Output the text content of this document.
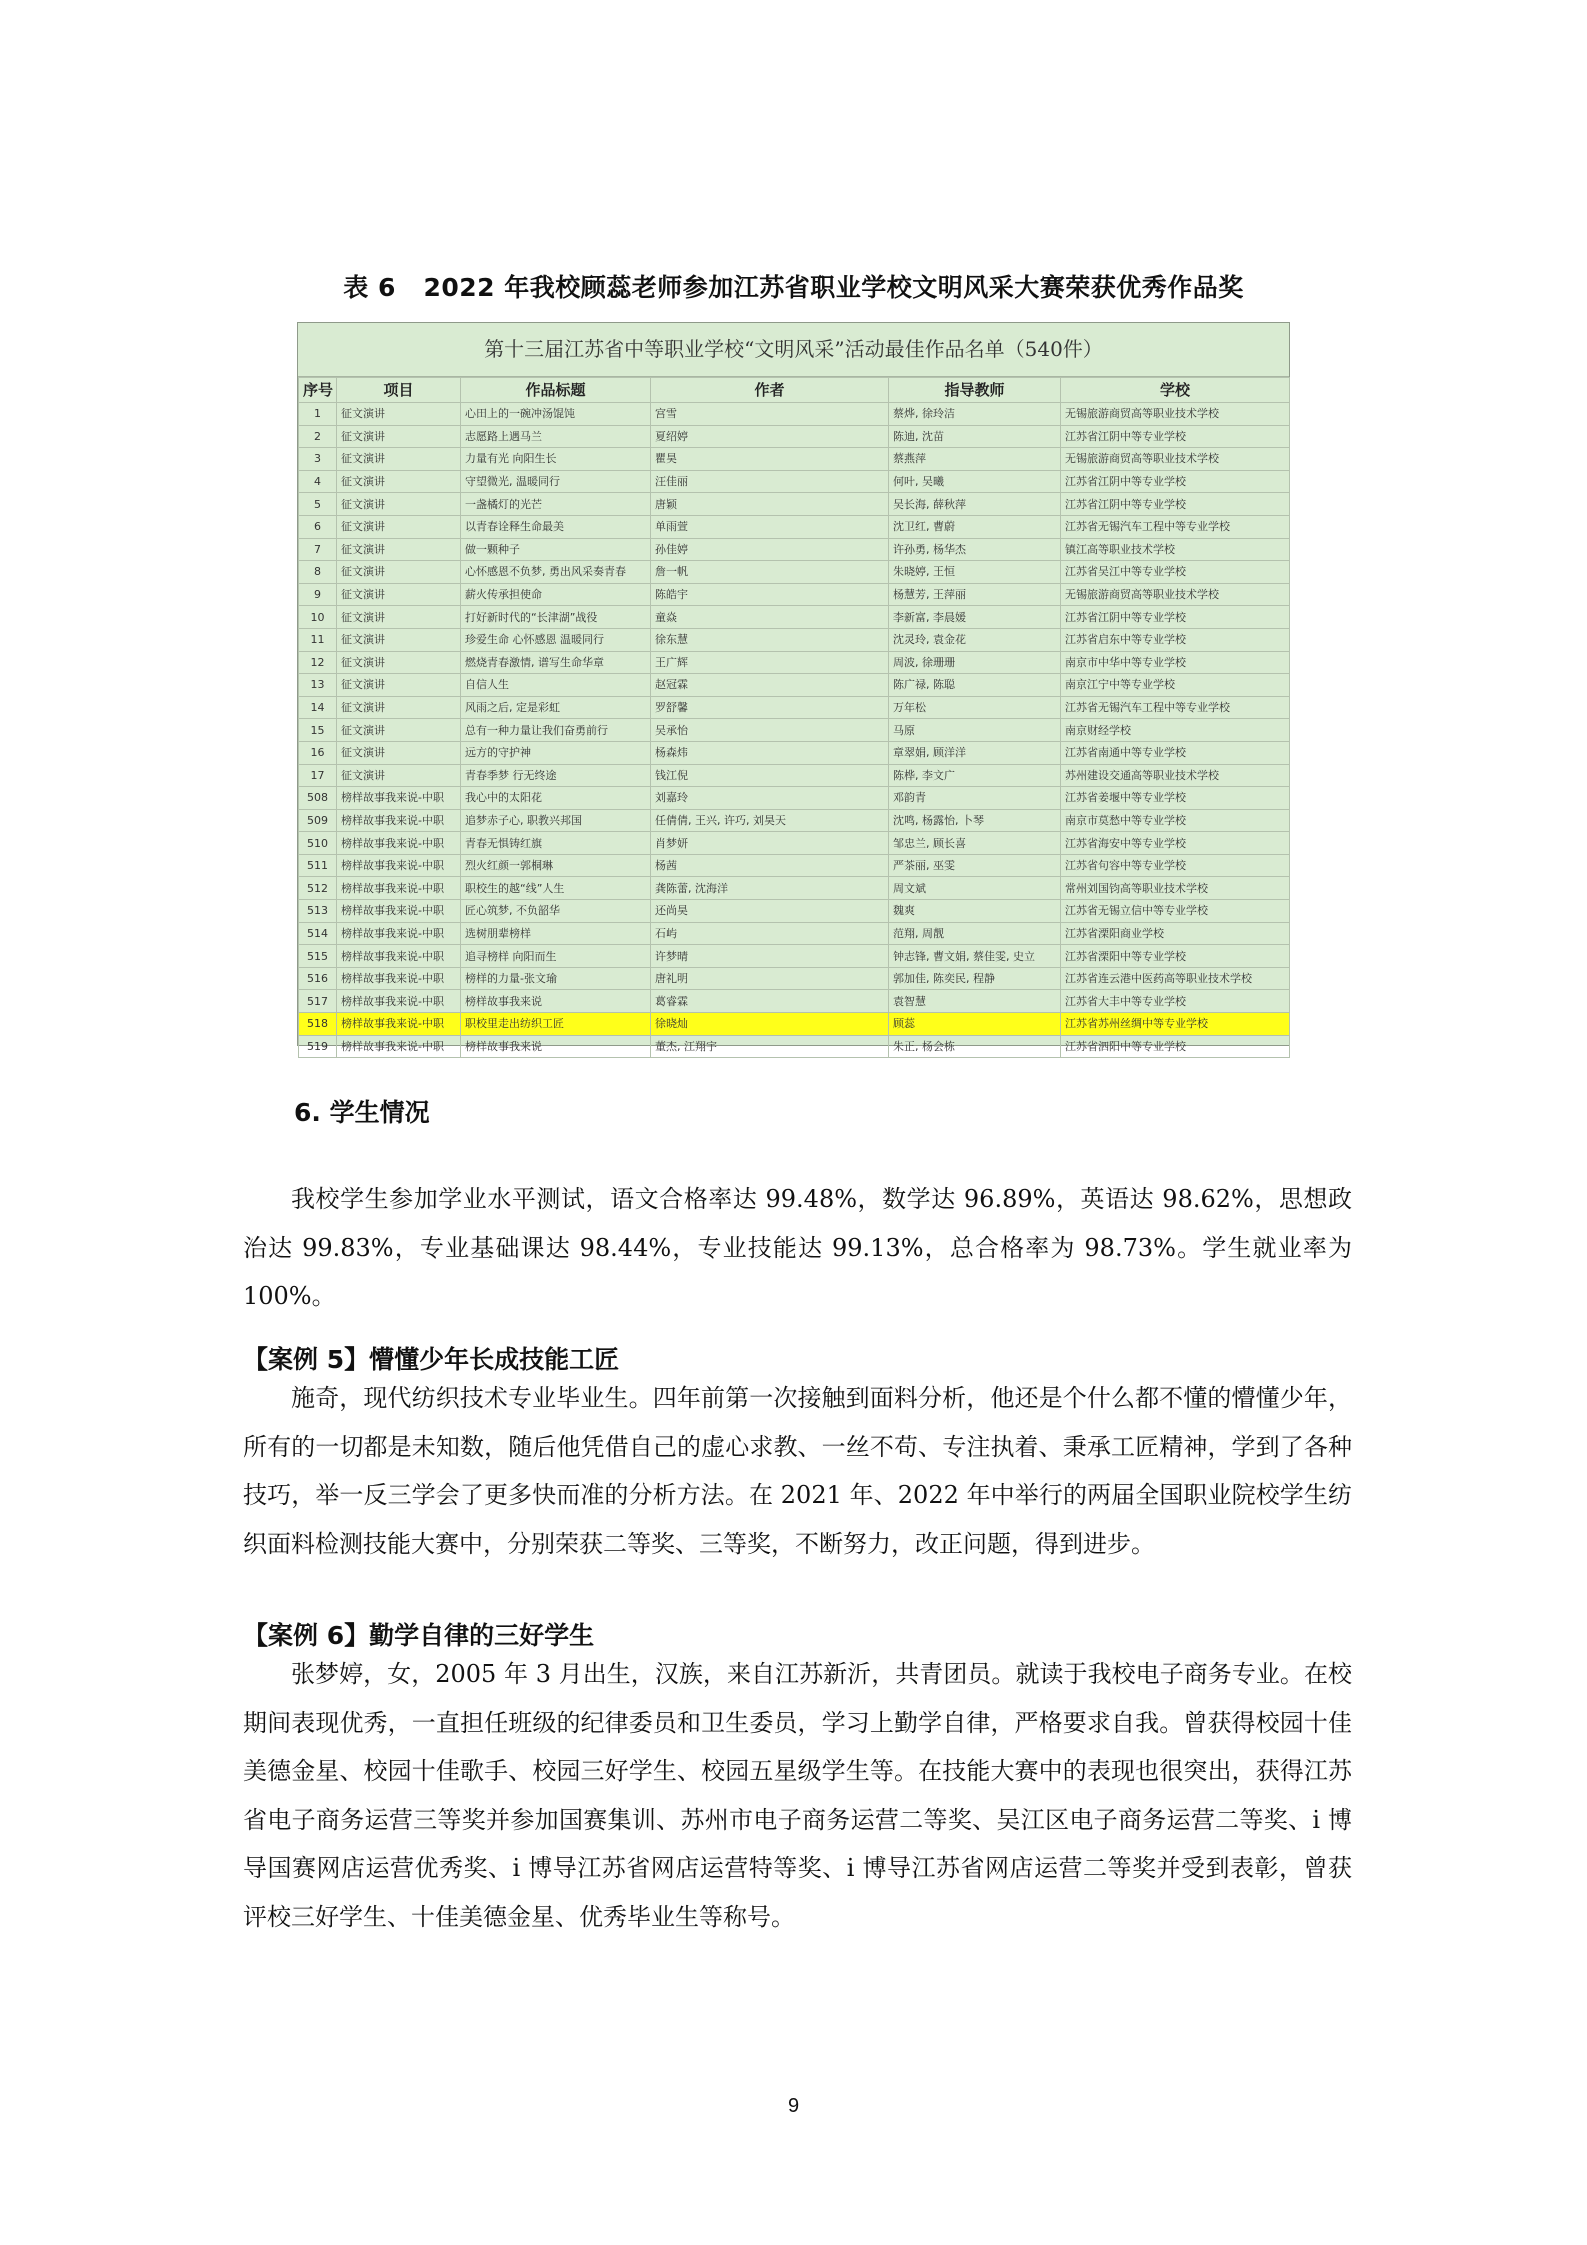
表 6   2022 年我校顾蕊老师参加江苏省职业学校文明风采大赛荣获优秀作品奖
第十三届江苏省中等职业学校“文明风采”活动最佳作品名单（540件）
序号	项目	作品标题	作者	指导教师	学校
1	征文演讲	心田上的一碗冲汤馄饨	宫雪	蔡烨, 徐玲洁	无锡旅游商贸高等职业技术学校
2	征文演讲	志愿路上遇马兰	夏绍婷	陈迪, 沈苗	江苏省江阴中等专业学校
3	征文演讲	力量有光 向阳生长	瞿昊	蔡燕萍	无锡旅游商贸高等职业技术学校
4	征文演讲	守望微光, 温暖同行	汪佳丽	何叶, 吴曦	江苏省江阴中等专业学校
5	征文演讲	一盏橘灯的光芒	唐颖	吴长海, 薛秋萍	江苏省江阴中等专业学校
6	征文演讲	以青春诠释生命最美	单雨萱	沈卫红, 曹蔚	江苏省无锡汽车工程中等专业学校
7	征文演讲	做一颗种子	孙佳婷	许孙勇, 杨华杰	镇江高等职业技术学校
8	征文演讲	心怀感恩不负梦, 勇出风采奏青春	詹一帆	朱晓婷, 王恒	江苏省吴江中等专业学校
9	征文演讲	薪火传承担使命	陈皓宇	杨慧芳, 王萍丽	无锡旅游商贸高等职业技术学校
10	征文演讲	打好新时代的“长津湖”战役	童焱	李新富, 李晨媛	江苏省江阴中等专业学校
11	征文演讲	珍爱生命 心怀感恩 温暖同行	徐东慧	沈灵玲, 袁金花	江苏省启东中等专业学校
12	征文演讲	燃烧青春激情, 谱写生命华章	王广辉	周波, 徐珊珊	南京市中华中等专业学校
13	征文演讲	自信人生	赵冠霖	陈广禄, 陈聪	南京江宁中等专业学校
14	征文演讲	风雨之后, 定是彩虹	罗舒馨	万年松	江苏省无锡汽车工程中等专业学校
15	征文演讲	总有一种力量让我们奋勇前行	吴承怡	马原	南京财经学校
16	征文演讲	远方的守护神	杨森炜	章翠娟, 顾洋洋	江苏省南通中等专业学校
17	征文演讲	青春季梦 行无终途	钱江倪	陈桦, 李文广	苏州建设交通高等职业技术学校
508	榜样故事我来说-中职	我心中的太阳花	刘嘉玲	邓韵青	江苏省姜堰中等专业学校
509	榜样故事我来说-中职	追梦赤子心, 职教兴邦国	任倩倩, 王兴, 许巧, 刘昊天	沈鸣, 杨露怡, 卜琴	南京市莫愁中等专业学校
510	榜样故事我来说-中职	青春无惧铸红旗	肖梦妍	邹忠兰, 顾长喜	江苏省海安中等专业学校
511	榜样故事我来说-中职	烈火红颜一郭桐琳	杨茜	严茶丽, 巫雯	江苏省句容中等专业学校
512	榜样故事我来说-中职	职校生的越“线”人生	龚陈蕾, 沈海洋	周文斌	常州刘国钧高等职业技术学校
513	榜样故事我来说-中职	匠心筑梦, 不负韶华	还尚昊	魏爽	江苏省无锡立信中等专业学校
514	榜样故事我来说-中职	选树朋辈榜样	石屿	范翔, 周靓	江苏省溧阳商业学校
515	榜样故事我来说-中职	追寻榜样 向阳而生	许梦晴	钟志锋, 曹文娟, 蔡佳雯, 史立	江苏省溧阳中等专业学校
516	榜样故事我来说-中职	榜样的力量-张文瑜	唐礼明	郭加佳, 陈奕民, 程静	江苏省连云港中医药高等职业技术学校
517	榜样故事我来说-中职	榜样故事我来说	葛睿霖	袁智慧	江苏省大丰中等专业学校
518	榜样故事我来说-中职	职校里走出纺织工匠	徐晓灿	顾蕊	江苏省苏州丝绸中等专业学校
519	榜样故事我来说-中职	榜样故事我来说	董杰, 江翔宇	朱正, 杨会栋	江苏省泗阳中等专业学校
6. 学生情况

我校学生参加学业水平测试，语文合格率达 99.48%，数学达 96.89%，英语达 98.62%，思想政治达 99.83%，专业基础课达 98.44%，专业技能达 99.13%，总合格率为 98.73%。学生就业率为 100%。

【案例 5】懵懂少年长成技能工匠

施奇，现代纺织技术专业毕业生。四年前第一次接触到面料分析，他还是个什么都不懂的懵懂少年，所有的一切都是未知数，随后他凭借自己的虚心求教、一丝不苟、专注执着、秉承工匠精神，学到了各种技巧，举一反三学会了更多快而准的分析方法。在 2021 年、2022 年中举行的两届全国职业院校学生纺织面料检测技能大赛中，分别荣获二等奖、三等奖，不断努力，改正问题，得到进步。

【案例 6】勤学自律的三好学生

张梦婷，女，2005 年 3 月出生，汉族，来自江苏新沂，共青团员。就读于我校电子商务专业。在校期间表现优秀，一直担任班级的纪律委员和卫生委员，学习上勤学自律，严格要求自我。曾获得校园十佳美德金星、校园十佳歌手、校园三好学生、校园五星级学生等。在技能大赛中的表现也很突出，获得江苏省电子商务运营三等奖并参加国赛集训、苏州市电子商务运营二等奖、吴江区电子商务运营二等奖、i 博导国赛网店运营优秀奖、i 博导江苏省网店运营特等奖、i 博导江苏省网店运营二等奖并受到表彰，曾获评校三好学生、十佳美德金星、优秀毕业生等称号。

9
